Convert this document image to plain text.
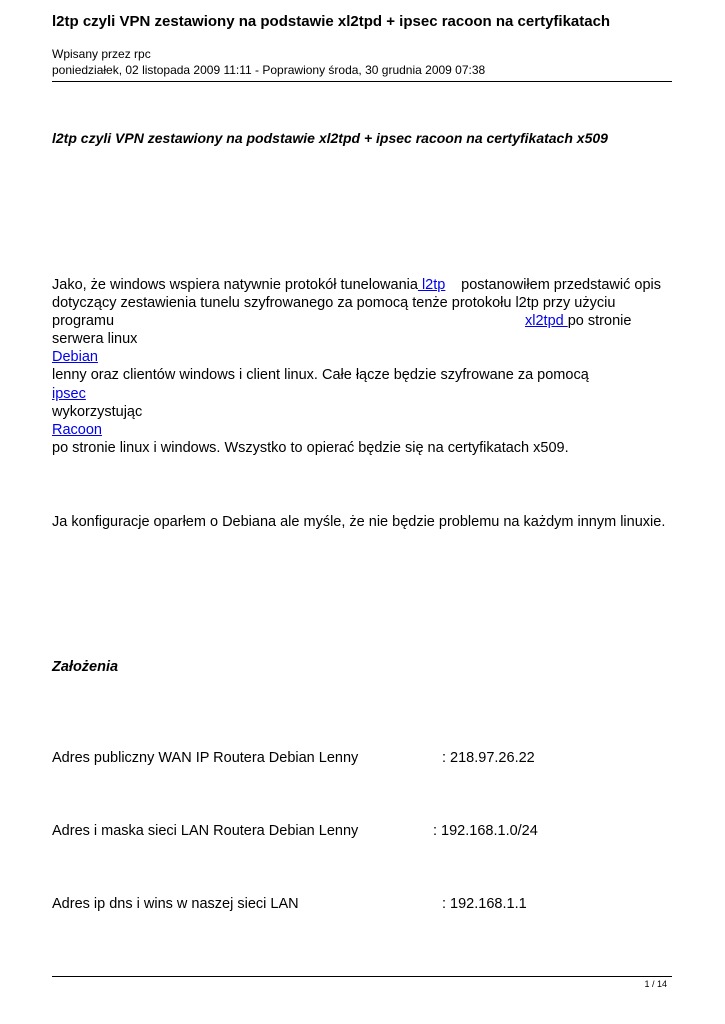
l2tp czyli VPN zestawiony na podstawie xl2tpd + ipsec racoon na certyfikatach
Wpisany przez rpc
poniedziałek, 02 listopada 2009 11:11 - Poprawiony środa, 30 grudnia 2009 07:38
l2tp czyli VPN zestawiony na podstawie xl2tpd + ipsec racoon na certyfikatach x509
Jako, że windows wspiera natywnie protokół tunelowania l2tp postanowiłem przedstawić opis
dotyczący zestawienia tunelu szyfrowanego za pomocą tenże protokołu l2tp przy użyciu
programu	xl2tpd po stronie
serwera linux
Debian
lenny oraz clientów windows i client linux. Całe łącze będzie szyfrowane za pomocą
ipsec
wykorzystując
Racoon
po stronie linux i windows. Wszystko to opierać będzie się na certyfikatach x509.
Ja konfiguracje oparłem o Debiana ale myśle, że nie będzie problemu na każdym innym linuxie.
Założenia
Adres publiczny WAN IP Routera Debian Lenny	: 218.97.26.22
Adres i maska sieci LAN Routera Debian Lenny	: 192.168.1.0/24
Adres ip dns i wins w naszej sieci LAN	: 192.168.1.1
1 / 14
